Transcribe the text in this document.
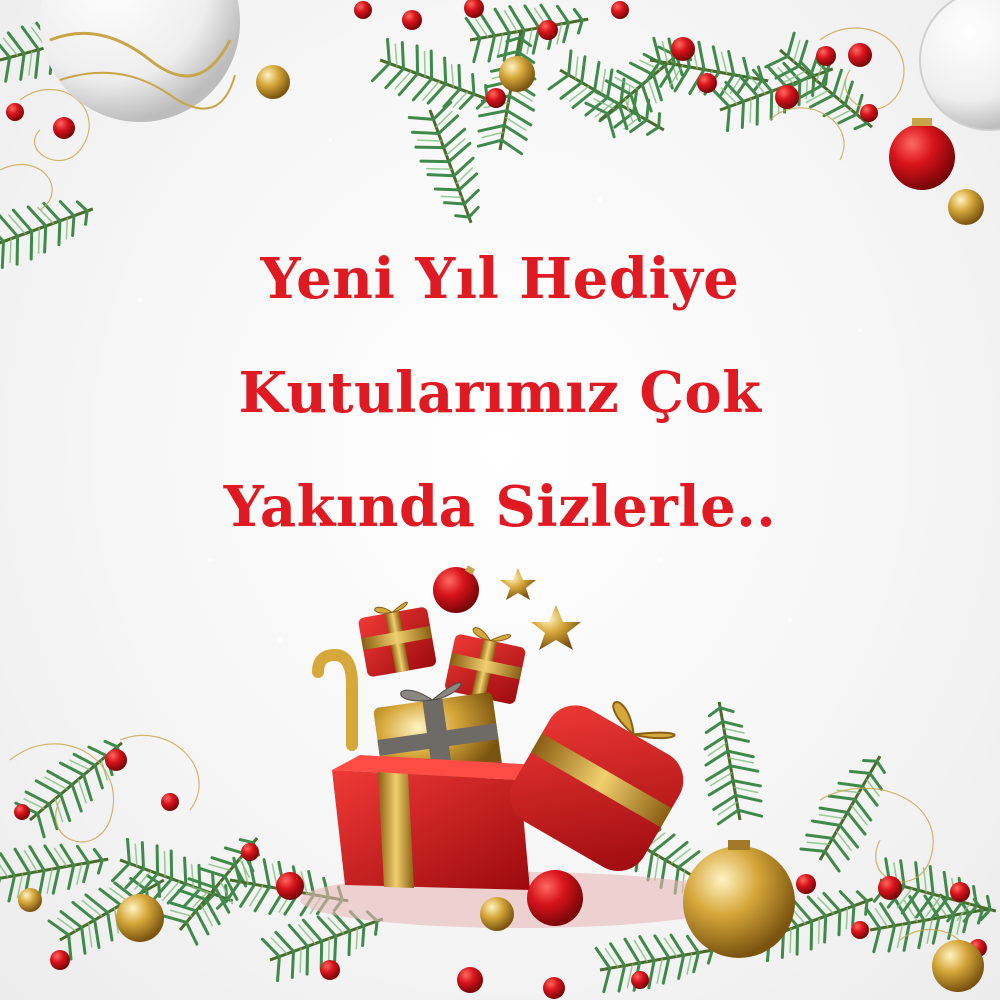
Yeni Yıl Hediye
Kutularımız Çok
Yakında Sizlerle..
